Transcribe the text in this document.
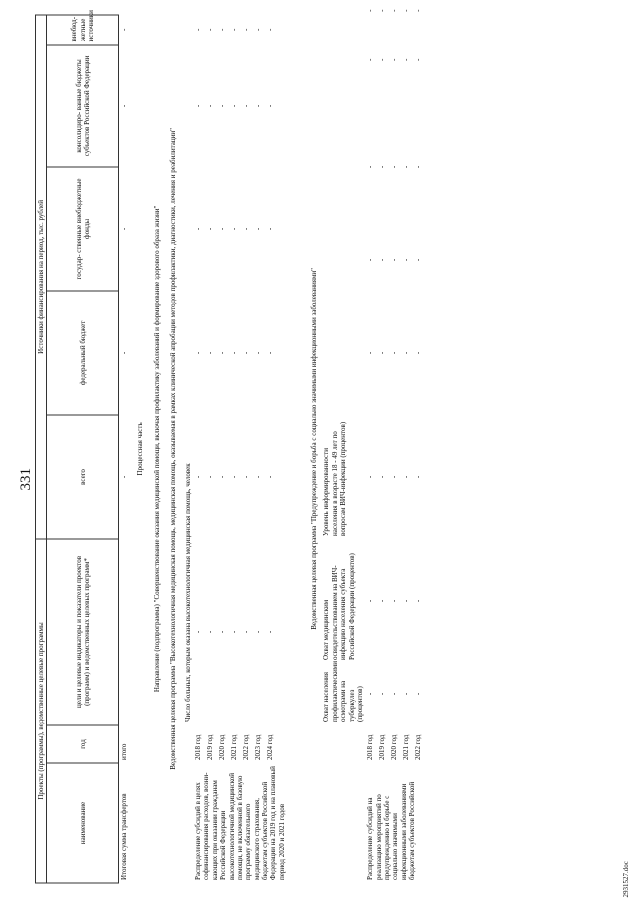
331
Проекты (программы), ведомственные целевые программы				Источники финансирования на период, тыс. рублей							
наименование	год	цели и целевые индикаторы и показатели проектов (программ) и ведомственных целевых программ*		всего	федеральный бюджет	государ- ственные внебюджетные фонды		консолидиро- ванные бюджеты субъектов Российской Федерации		внебюд- жетные источники	
Итоговая сумма трансфертов	итого			-	-	-		-		-	
Процессная часть											
Направление (подпрограмма) "Совершенствование оказания медицинской помощи, включая профилактику заболеваний и формирование здорового образа жизни"											
Ведомственная целевая программа "Высокотехнологичная медицинская помощь, медицинская помощь, оказываемая в рамках клинической апробации методов профилактики, диагностики, лечения и реабилитации"											
		Число больных, которым оказана высокотехнологичная медицинская помощь, человек									
Распределение субсидий в целях софинансирования расходов, возни- кающих при оказании гражданам Российской Федерации высокотехнологичной медицинской помощи, не включенной в базовую программу обязательного медицинского страхования, бюджетам субъектов Российской Федерации на 2019 год и на плановый период 2020 и 2021 годов	2018 год	-		-	-	-		-		-	
	2019 год	-		-	-	-		-		-	
	2020 год	-		-	-	-		-		-	
	2021 год	-		-	-	-		-		-	
	2022 год	-		-	-	-		-		-	
	2023 год	-		-	-	-		-		-	
	2024 год	-		-	-	-		-		-	
Ведомственная целевая программа "Предупреждение и борьба с социально значимыми инфекционными заболеваниями"											
		Охват населения профилактическими осмотрами на туберкулез (процентов)	Охват медицинским освидетельствованием на ВИЧ-инфекцию населения субъекта Российской Федерации (процентов)	Уровень информированности населения в возрасте 18 - 49 лет по вопросам ВИЧ-инфекции (процентов)							
Распределение субсидий на реализацию мероприятий по предупреждению и борьбе с социально значимыми инфекционными заболеваниями бюджетам субъектов Российской	2018 год	-	-	-	-	-	-		-		-
	2019 год	-	-	-	-	-	-		-		-
	2020 год	-	-	-	-	-	-		-		-
	2021 год	-	-	-	-	-	-		-		-
	2022 год	-	-	-	-	-	-		-		-
2931527.doc
